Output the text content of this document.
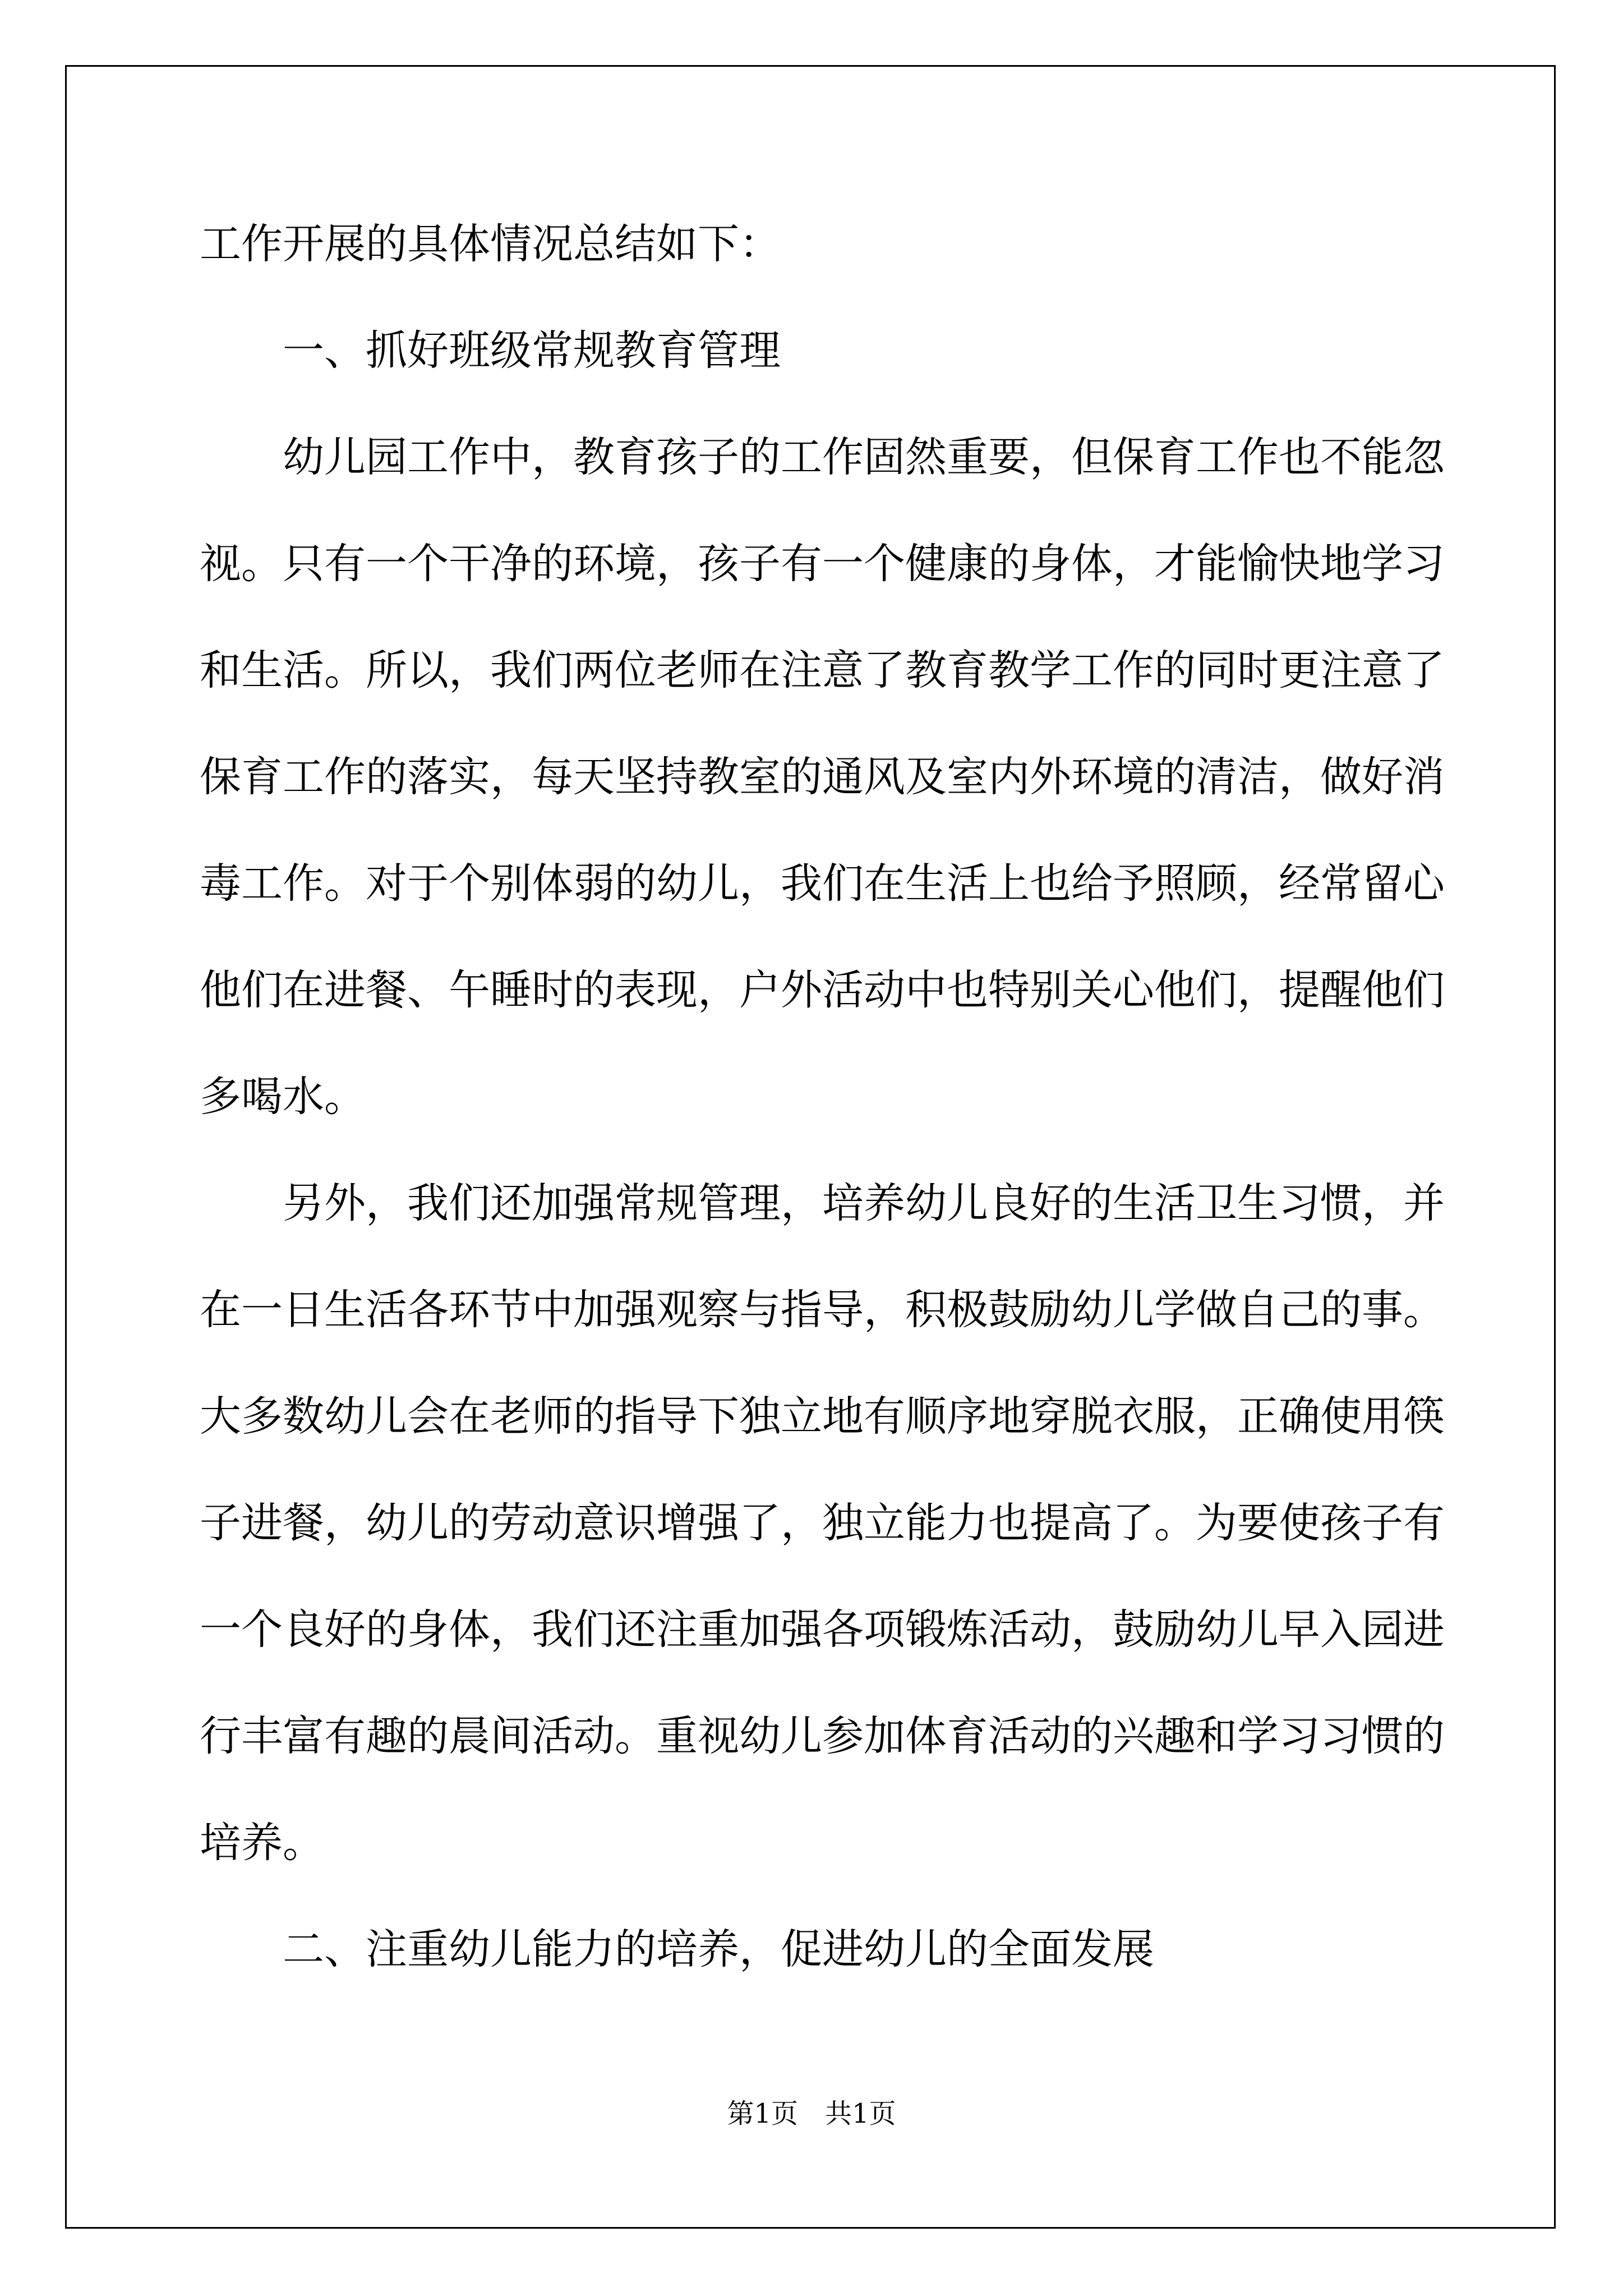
工作开展的具体情况总结如下：
一、抓好班级常规教育管理
幼儿园工作中，教育孩子的工作固然重要，但保育工作也不能忽
视。只有一个干净的环境，孩子有一个健康的身体，才能愉快地学习
和生活。所以，我们两位老师在注意了教育教学工作的同时更注意了
保育工作的落实，每天坚持教室的通风及室内外环境的清洁，做好消
毒工作。对于个别体弱的幼儿，我们在生活上也给予照顾，经常留心
他们在进餐、午睡时的表现，户外活动中也特别关心他们，提醒他们
多喝水。
另外，我们还加强常规管理，培养幼儿良好的生活卫生习惯，并
在一日生活各环节中加强观察与指导，积极鼓励幼儿学做自己的事。
大多数幼儿会在老师的指导下独立地有顺序地穿脱衣服，正确使用筷
子进餐，幼儿的劳动意识增强了，独立能力也提高了。为要使孩子有
一个良好的身体，我们还注重加强各项锻炼活动，鼓励幼儿早入园进
行丰富有趣的晨间活动。重视幼儿参加体育活动的兴趣和学习习惯的
培养。
二、注重幼儿能力的培养，促进幼儿的全面发展
第1页　共1页
